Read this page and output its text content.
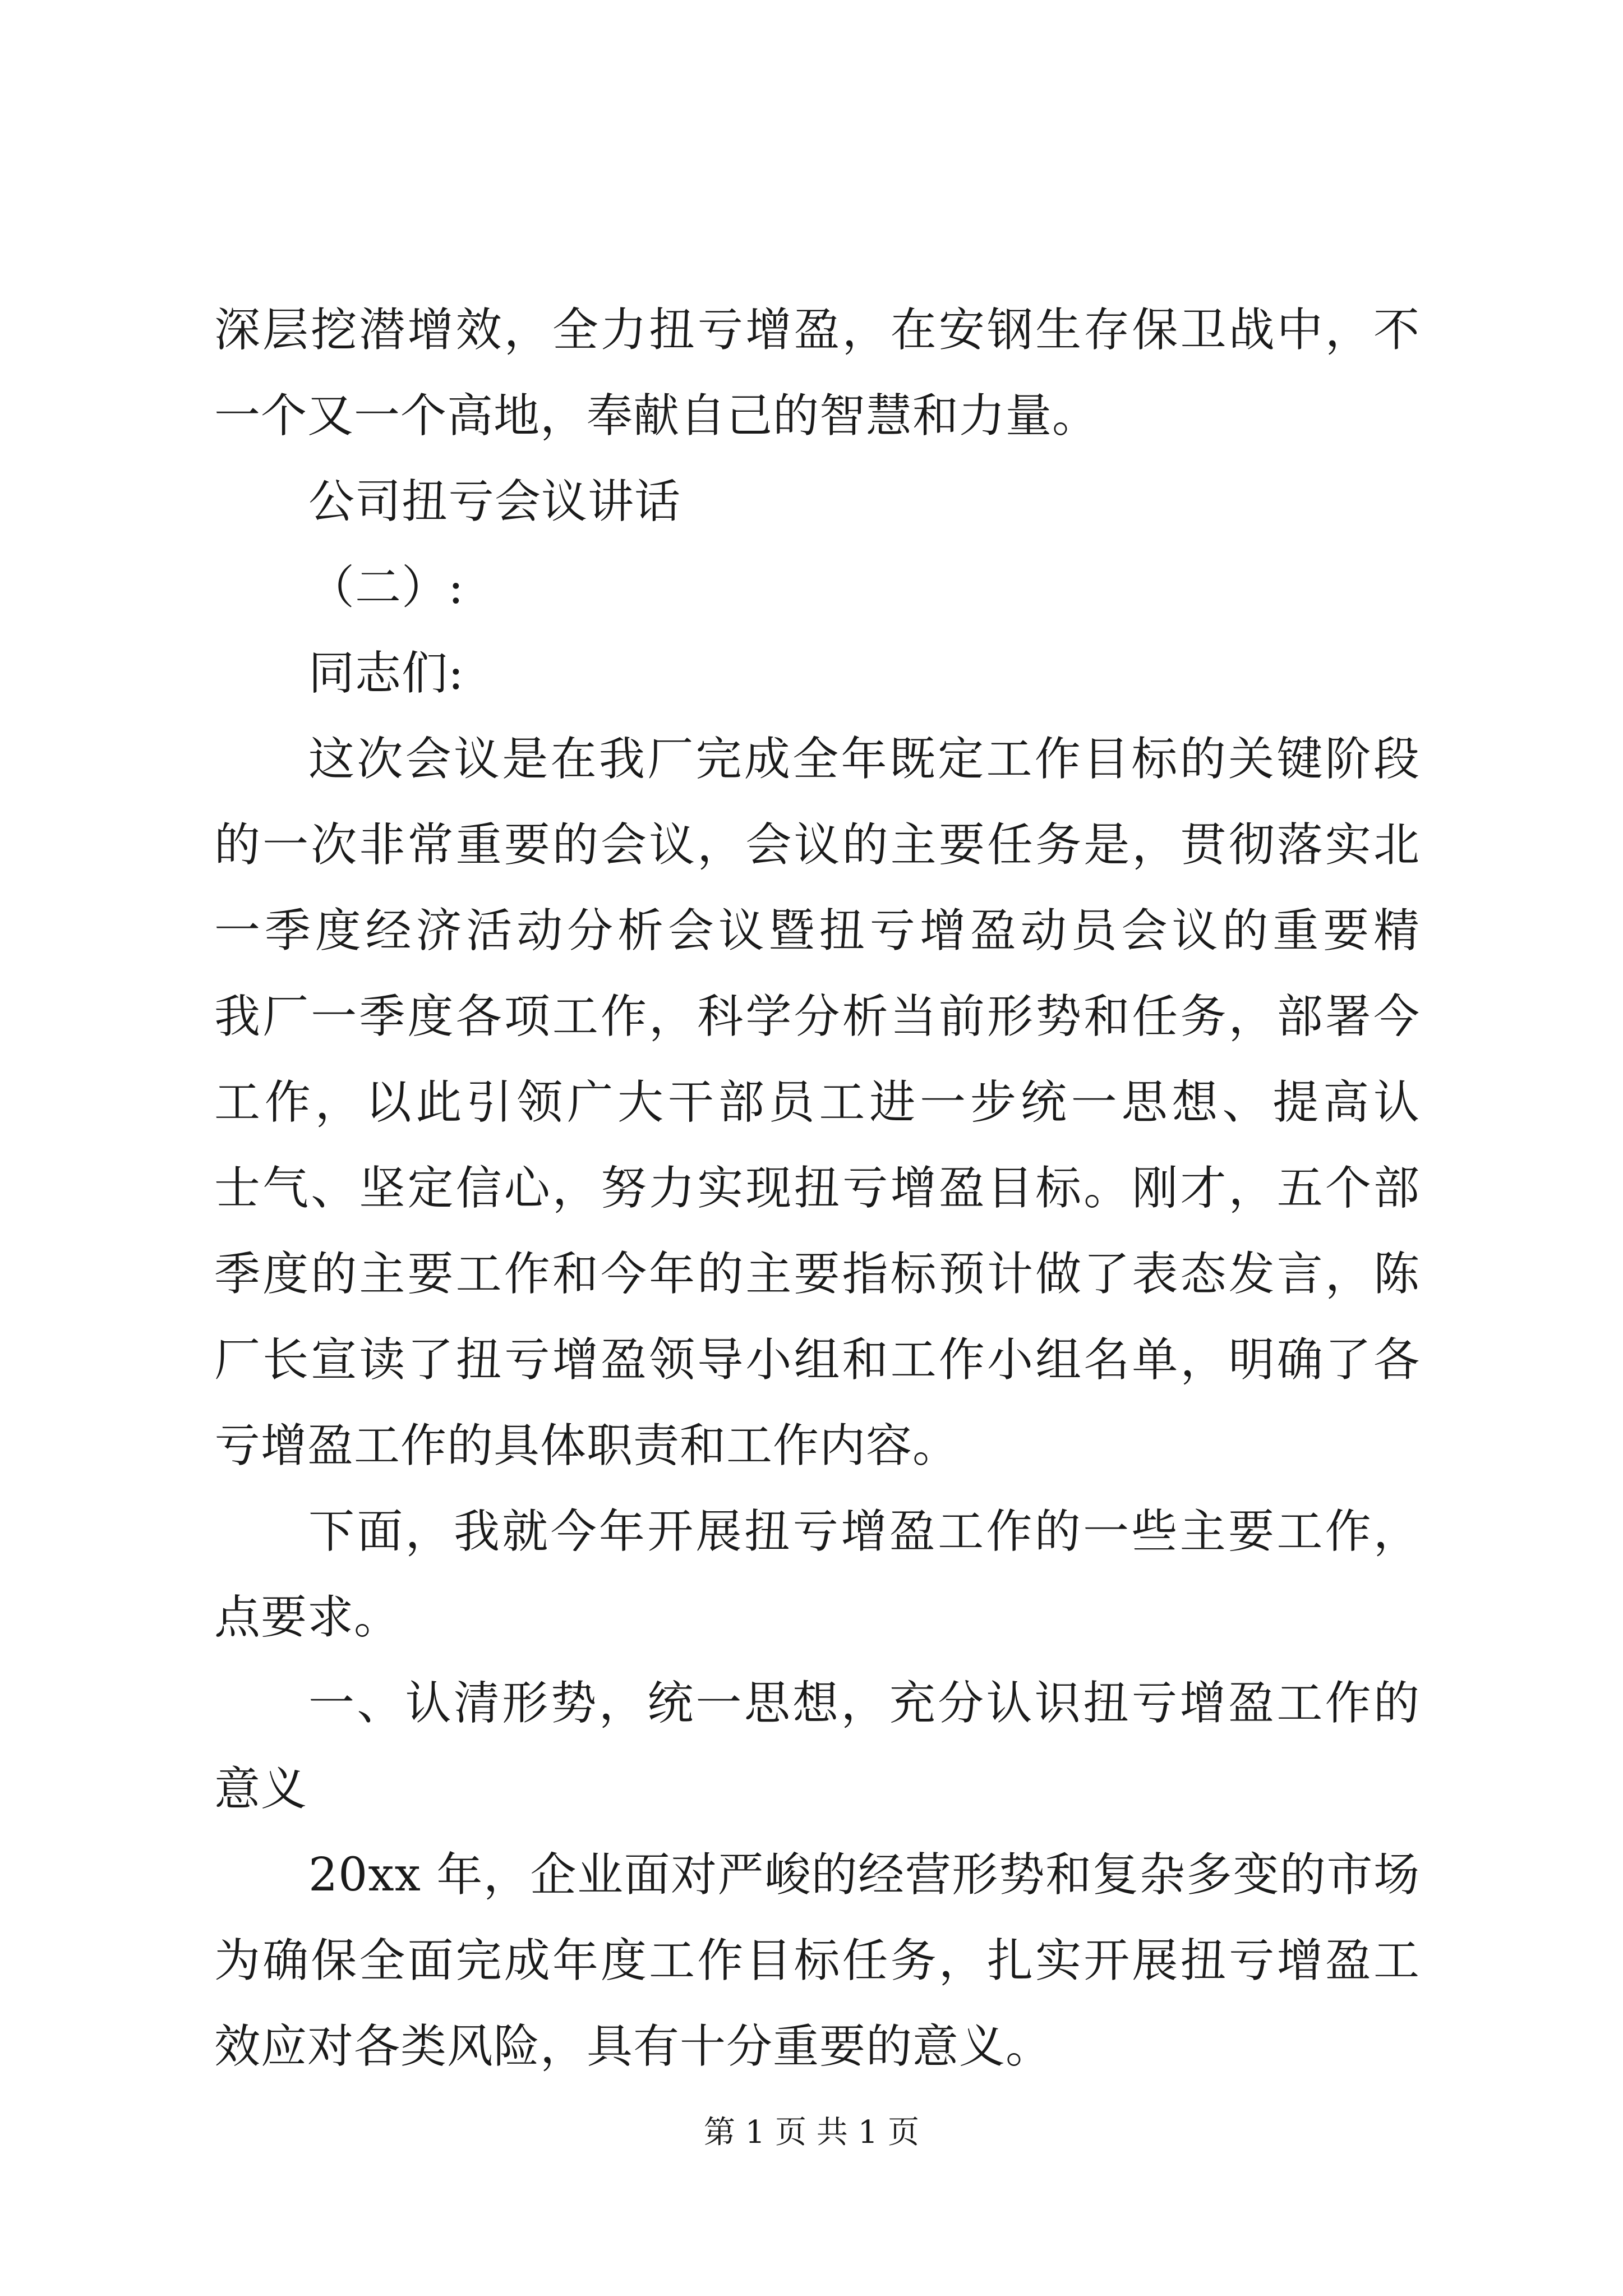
深层挖潜增效，全力扭亏增盈，在安钢生存保卫战中，不
一个又一个高地，奉献自己的智慧和力量。
公司扭亏会议讲话
（二）:
同志们:
这次会议是在我厂完成全年既定工作目标的关键阶段
的一次非常重要的会议，会议的主要任务是，贯彻落实北
一季度经济活动分析会议暨扭亏增盈动员会议的重要精
我厂一季度各项工作，科学分析当前形势和任务，部署今
工作，以此引领广大干部员工进一步统一思想、提高认
士气、坚定信心，努力实现扭亏增盈目标。刚才，五个部
季度的主要工作和今年的主要指标预计做了表态发言，陈
厂长宣读了扭亏增盈领导小组和工作小组名单，明确了各
亏增盈工作的具体职责和工作内容。
下面，我就今年开展扭亏增盈工作的一些主要工作，
点要求。
一、认清形势，统一思想，充分认识扭亏增盈工作的
意义
20xx 年，企业面对严峻的经营形势和复杂多变的市场
为确保全面完成年度工作目标任务，扎实开展扭亏增盈工
效应对各类风险，具有十分重要的意义。
第 1 页 共 1 页
